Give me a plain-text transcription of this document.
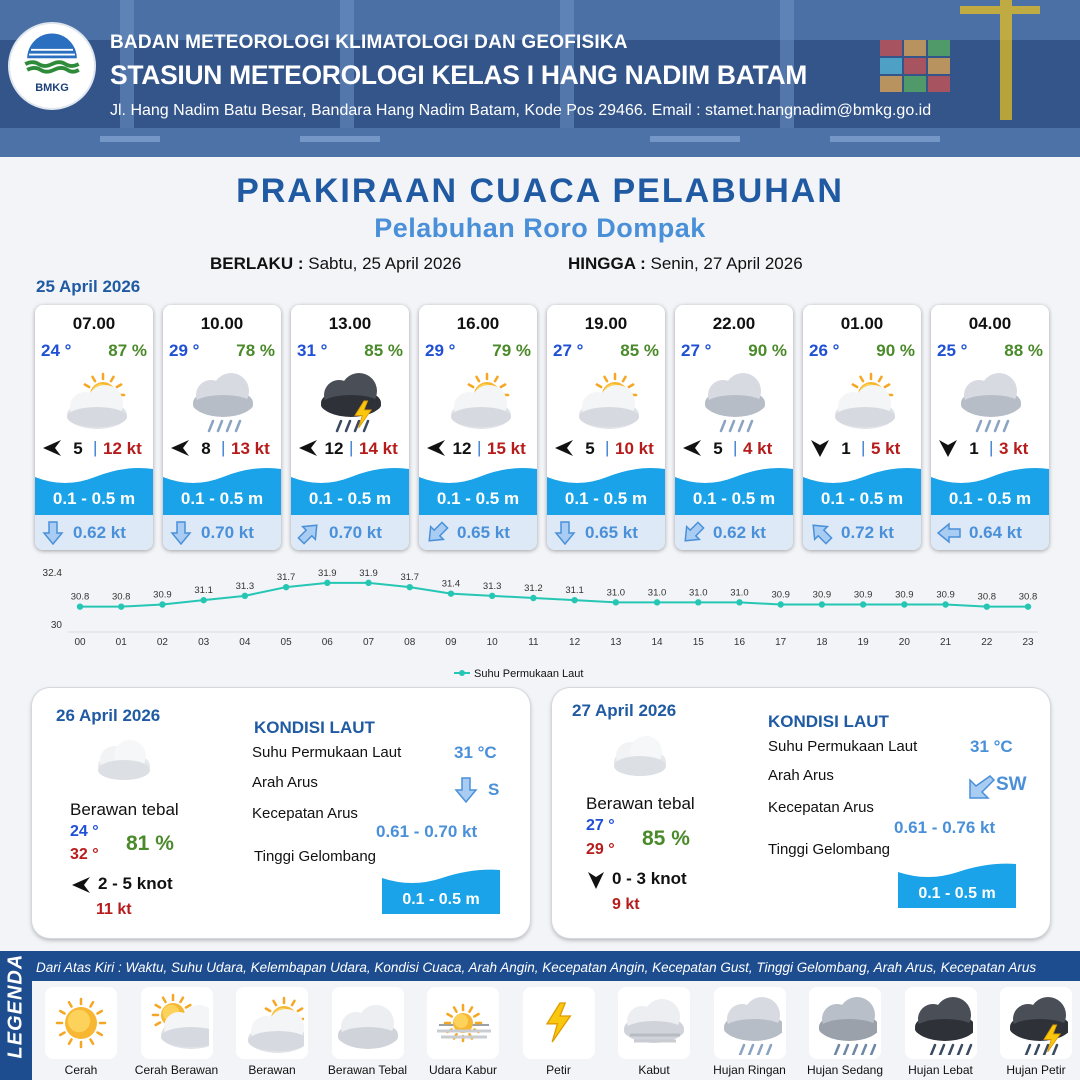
BMKG
BADAN METEOROLOGI KLIMATOLOGI DAN GEOFISIKA
STASIUN METEOROLOGI KELAS I HANG NADIM BATAM
Jl. Hang Nadim Batu Besar, Bandara Hang Nadim Batam, Kode Pos 29466. Email : stamet.hangnadim@bmkg.go.id
PRAKIRAAN CUACA PELABUHAN
Pelabuhan Roro Dompak
BERLAKU : Sabtu, 25 April 2026	HINGGA : Senin, 27 April 2026
25 April 2026
07.00
24 ° 87 %
5 | 12 kt
0.1 - 0.5 m
0.62 kt
10.00
29 ° 78 %
8 | 13 kt
0.1 - 0.5 m
0.70 kt
13.00
31 ° 85 %
12 | 14 kt
0.1 - 0.5 m
0.70 kt
16.00
29 ° 79 %
12 | 15 kt
0.1 - 0.5 m
0.65 kt
19.00
27 ° 85 %
5 | 10 kt
0.1 - 0.5 m
0.65 kt
22.00
27 ° 90 %
5 | 4 kt
0.1 - 0.5 m
0.62 kt
01.00
26 ° 90 %
1 | 5 kt
0.1 - 0.5 m
0.72 kt
04.00
25 ° 88 %
1 | 3 kt
0.1 - 0.5 m
0.64 kt
32.4
30
30.8
00
30.8
01
30.9
02
31.1
03
31.3
04
31.7
05
31.9
06
31.9
07
31.7
08
31.4
09
31.3
10
31.2
11
31.1
12
31.0
13
31.0
14
31.0
15
31.0
16
30.9
17
30.9
18
30.9
19
30.9
20
30.9
21
30.8
22
30.8
23
Suhu Permukaan Laut
26 April 2026
Berawan tebal
24 °
32 ° 81 %
2 - 5 knot
11 kt
KONDISI LAUT
Suhu Permukaan Laut	31 °C
Arah Arus	S
Kecepatan Arus
0.61 - 0.70 kt
Tinggi Gelombang
0.1 - 0.5 m
27 April 2026
Berawan tebal
27 °
29 ° 85 %
0 - 3 knot
9 kt
KONDISI LAUT
Suhu Permukaan Laut	31 °C
Arah Arus	SW
Kecepatan Arus
0.61 - 0.76 kt
Tinggi Gelombang
0.1 - 0.5 m
LEGENDA Dari Atas Kiri : Waktu, Suhu Udara, Kelembapan Udara, Kondisi Cuaca, Arah Angin, Kecepatan Angin, Kecepatan Gust, Tinggi Gelombang, Arah Arus, Kecepatan Arus
Cerah	Cerah Berawan	Berawan	Berawan Tebal	Udara Kabur	Petir	Kabut	Hujan Ringan	Hujan Sedang	Hujan Lebat	Hujan Petir
